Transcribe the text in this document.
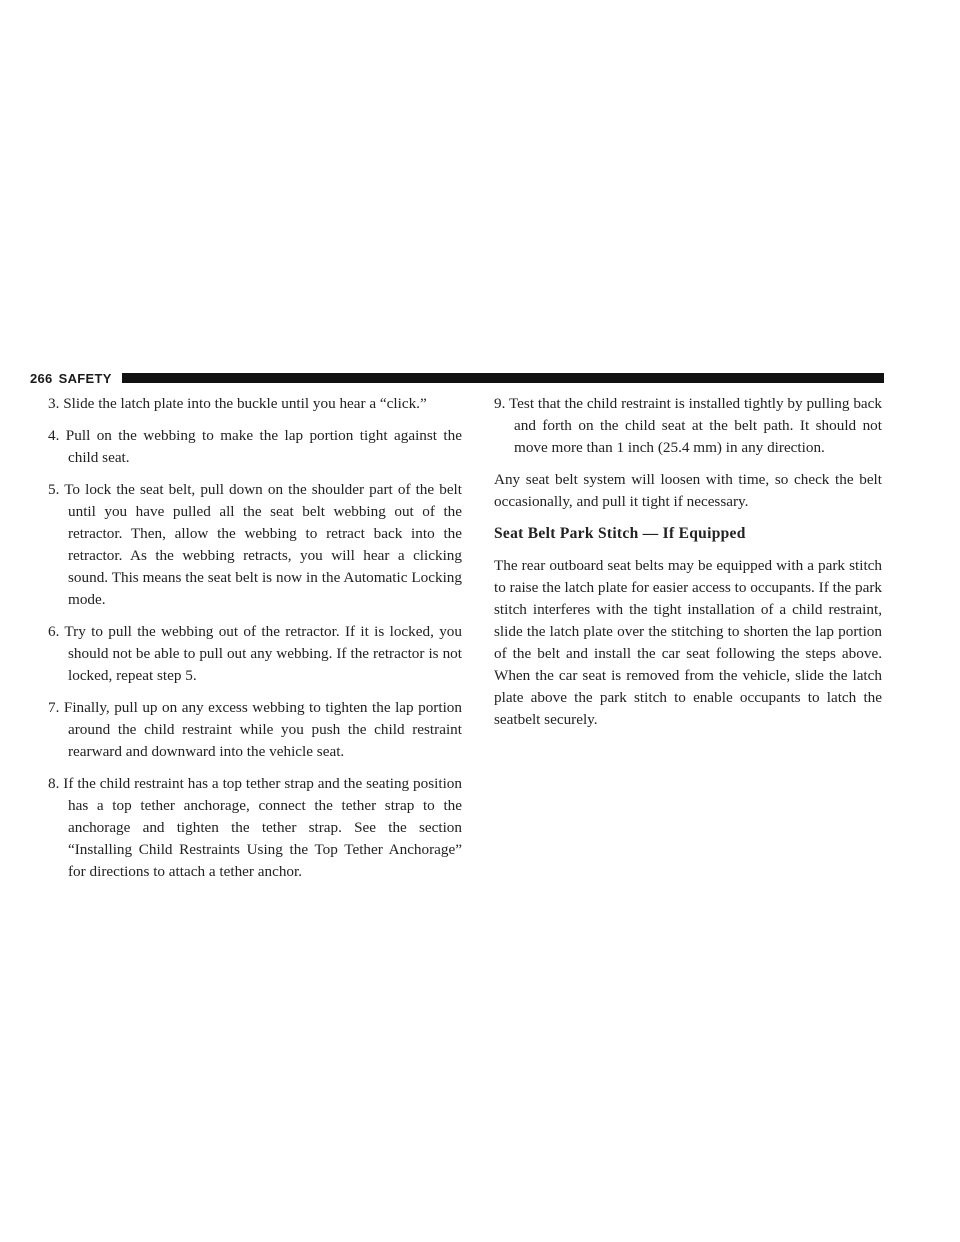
266 SAFETY

3. Slide the latch plate into the buckle until you hear a “click.”

4. Pull on the webbing to make the lap portion tight against the child seat.

5. To lock the seat belt, pull down on the shoulder part of the belt until you have pulled all the seat belt webbing out of the retractor. Then, allow the webbing to retract back into the retractor. As the webbing retracts, you will hear a clicking sound. This means the seat belt is now in the Automatic Locking mode.

6. Try to pull the webbing out of the retractor. If it is locked, you should not be able to pull out any webbing. If the retractor is not locked, repeat step 5.

7. Finally, pull up on any excess webbing to tighten the lap portion around the child restraint while you push the child restraint rearward and downward into the vehicle seat.

8. If the child restraint has a top tether strap and the seating position has a top tether anchorage, connect the tether strap to the anchorage and tighten the tether strap. See the section “Installing Child Restraints Using the Top Tether Anchorage” for directions to attach a tether anchor.

9. Test that the child restraint is installed tightly by pulling back and forth on the child seat at the belt path. It should not move more than 1 inch (25.4 mm) in any direction.

Any seat belt system will loosen with time, so check the belt occasionally, and pull it tight if necessary.

Seat Belt Park Stitch — If Equipped

The rear outboard seat belts may be equipped with a park stitch to raise the latch plate for easier access to occupants. If the park stitch interferes with the tight installation of a child restraint, slide the latch plate over the stitching to shorten the lap portion of the belt and install the car seat following the steps above. When the car seat is removed from the vehicle, slide the latch plate above the park stitch to enable occupants to latch the seatbelt securely.
